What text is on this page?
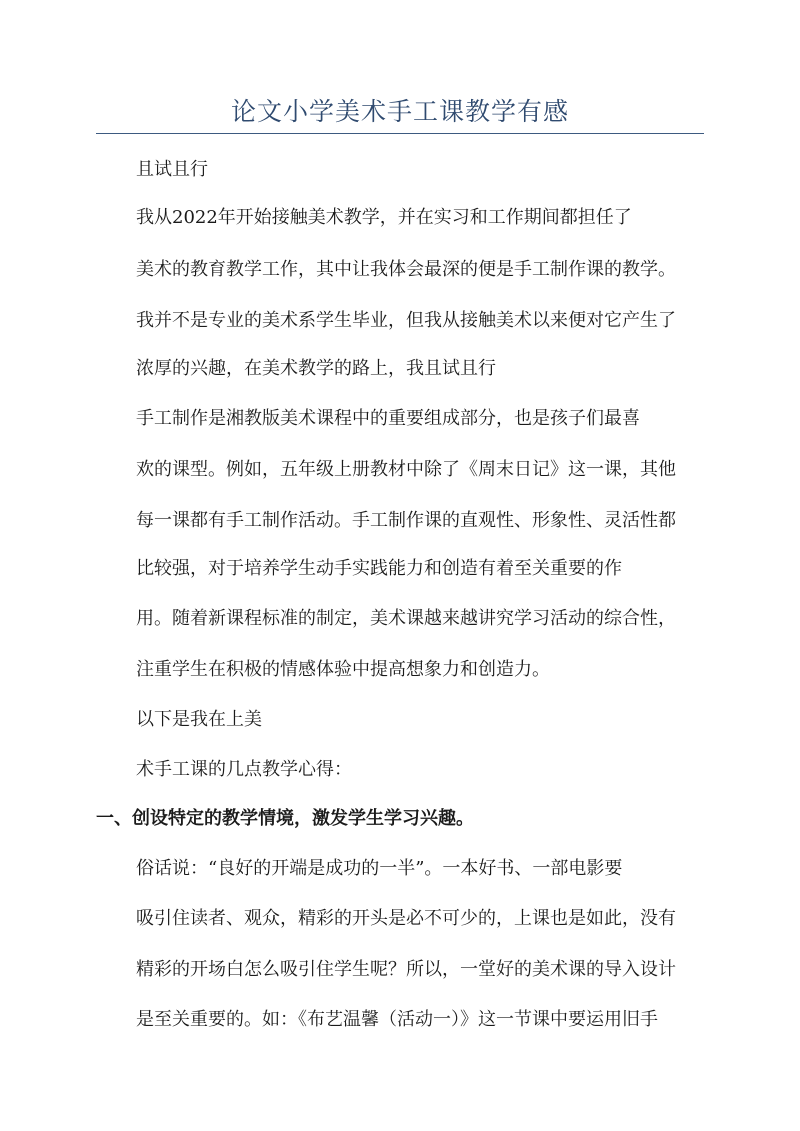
论文小学美术手工课教学有感
且试且行
我从2022年开始接触美术教学，并在实习和工作期间都担任了
美术的教育教学工作，其中让我体会最深的便是手工制作课的教学。
我并不是专业的美术系学生毕业，但我从接触美术以来便对它产生了
浓厚的兴趣，在美术教学的路上，我且试且行
手工制作是湘教版美术课程中的重要组成部分，也是孩子们最喜
欢的课型。例如，五年级上册教材中除了《周末日记》这一课，其他
每一课都有手工制作活动。手工制作课的直观性、形象性、灵活性都
比较强，对于培养学生动手实践能力和创造有着至关重要的作
用。随着新课程标准的制定，美术课越来越讲究学习活动的综合性，
注重学生在积极的情感体验中提高想象力和创造力。
以下是我在上美
术手工课的几点教学心得：
一、创设特定的教学情境，激发学生学习兴趣。
俗话说：“良好的开端是成功的一半”。一本好书、一部电影要
吸引住读者、观众，精彩的开头是必不可少的，上课也是如此，没有
精彩的开场白怎么吸引住学生呢？所以，一堂好的美术课的导入设计
是至关重要的。如：《布艺温馨（活动一）》这一节课中要运用旧手
